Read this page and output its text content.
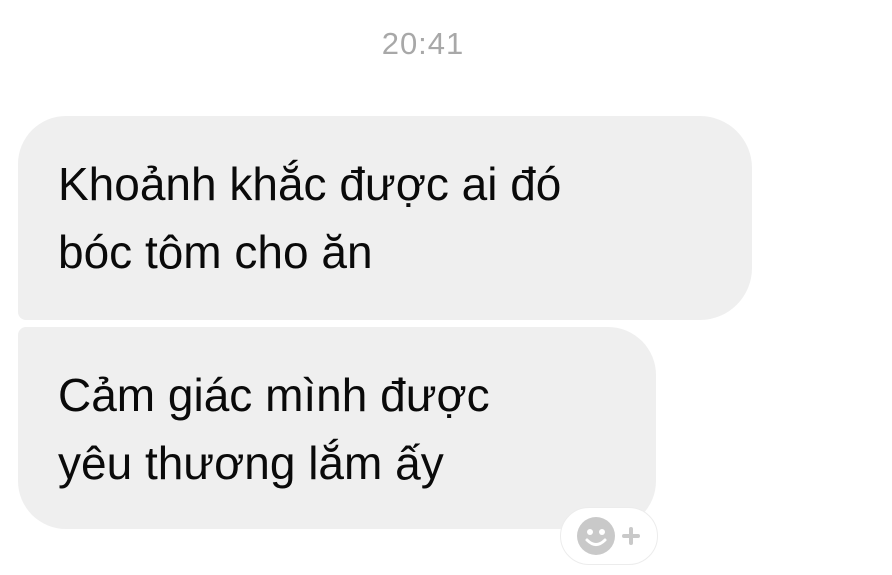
20:41
Khoảnh khắc được ai đó
bóc tôm cho ăn
Cảm giác mình được
yêu thương lắm ấy
